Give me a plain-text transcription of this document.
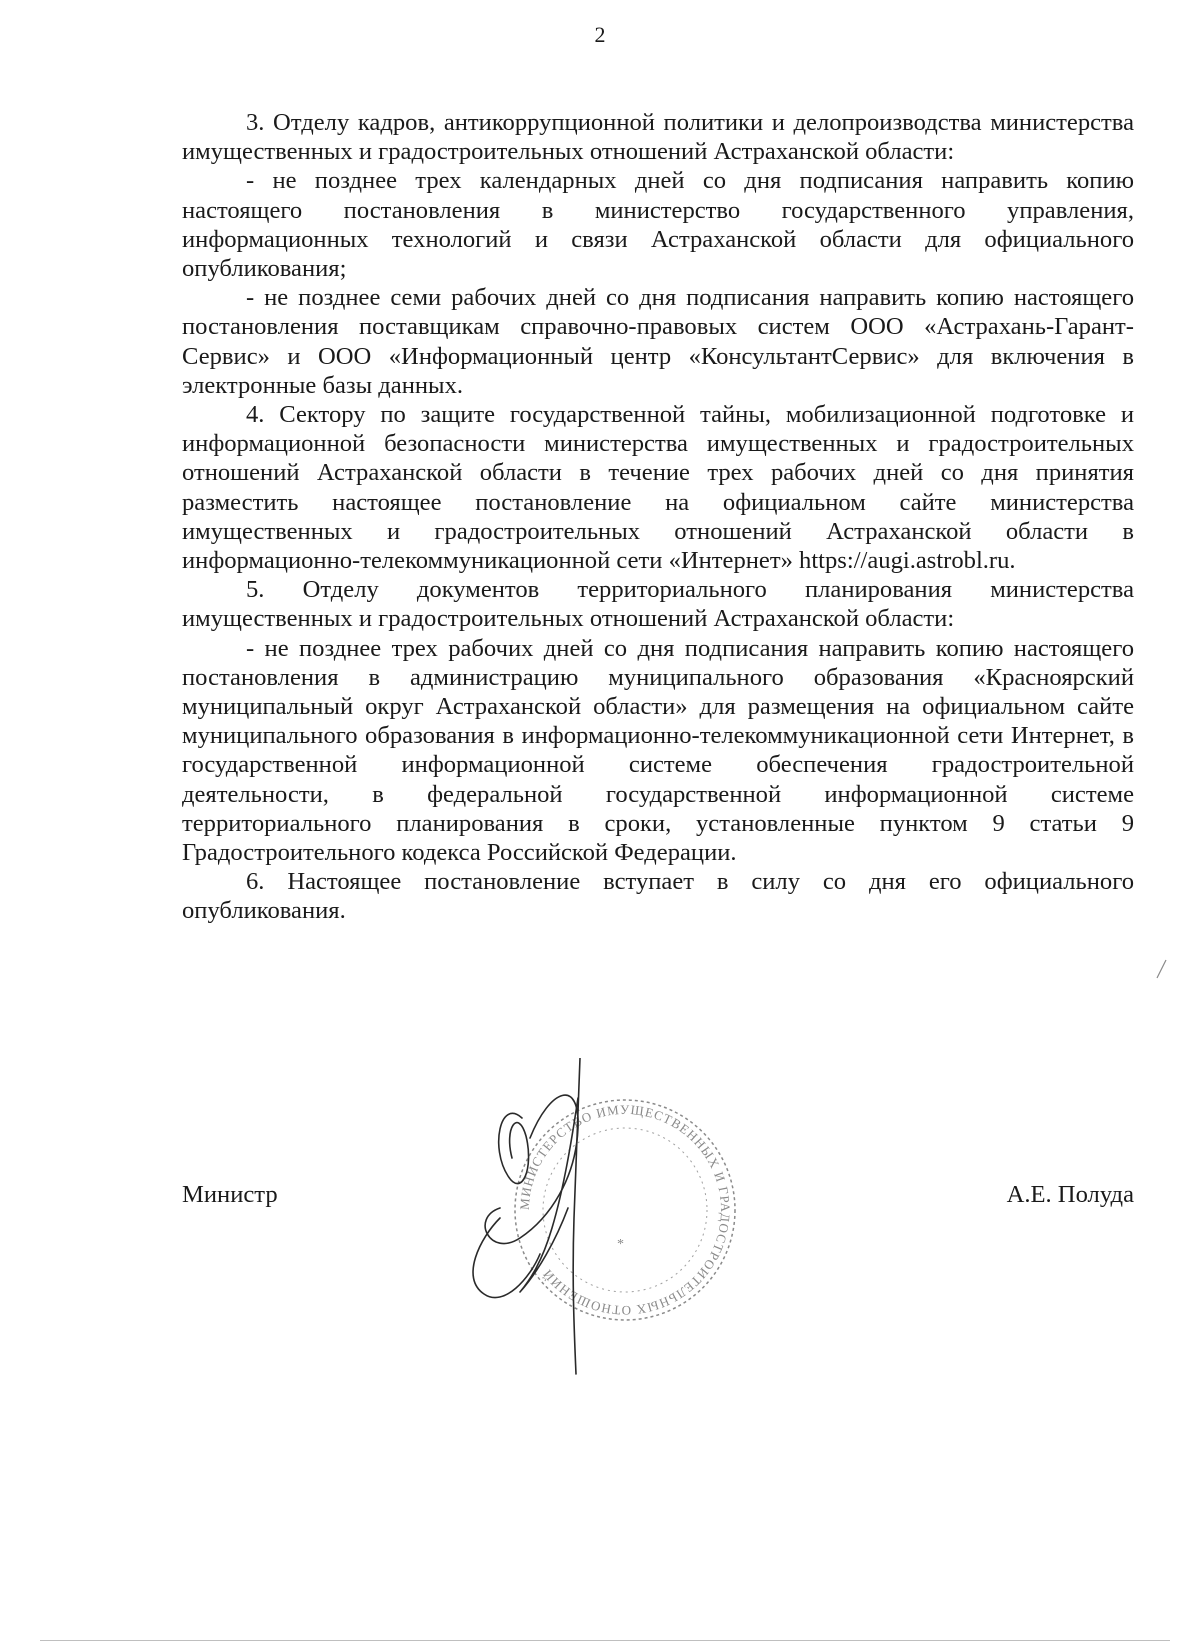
2

3. Отделу кадров, антикоррупционной политики и делопроизводства министерства имущественных и градостроительных отношений Астраханской области:

- не позднее трех календарных дней со дня подписания направить копию настоящего постановления в министерство государственного управления, информационных технологий и связи Астраханской области для официального опубликования;

- не позднее семи рабочих дней со дня подписания направить копию настоящего постановления поставщикам справочно-правовых систем ООО «Астрахань-Гарант-Сервис» и ООО «Информационный центр «КонсультантСервис» для включения в электронные базы данных.

4. Сектору по защите государственной тайны, мобилизационной подготовке и информационной безопасности министерства имущественных и градостроительных отношений Астраханской области в течение трех рабочих дней со дня принятия разместить настоящее постановление на официальном сайте министерства имущественных и градостроительных отношений Астраханской области в информационно-телекоммуникационной сети «Интернет» https://augi.astrobl.ru.

5. Отделу документов территориального планирования министерства имущественных и градостроительных отношений Астраханской области:

- не позднее трех рабочих дней со дня подписания направить копию настоящего постановления в администрацию муниципального образования «Красноярский муниципальный округ Астраханской области» для размещения на официальном сайте муниципального образования в информационно-телекоммуникационной сети Интернет, в государственной информационной системе обеспечения градостроительной деятельности, в федеральной государственной информационной системе территориального планирования в сроки, установленные пунктом 9 статьи 9 Градостроительного кодекса Российской Федерации.

6. Настоящее постановление вступает в силу со дня его официального опубликования.

МИНИСТЕРСТВО ИМУЩЕСТВЕННЫХ И ГРАДОСТРОИТЕЛЬНЫХ ОТНОШЕНИЙ
*
Министр	А.Е. Полуда
